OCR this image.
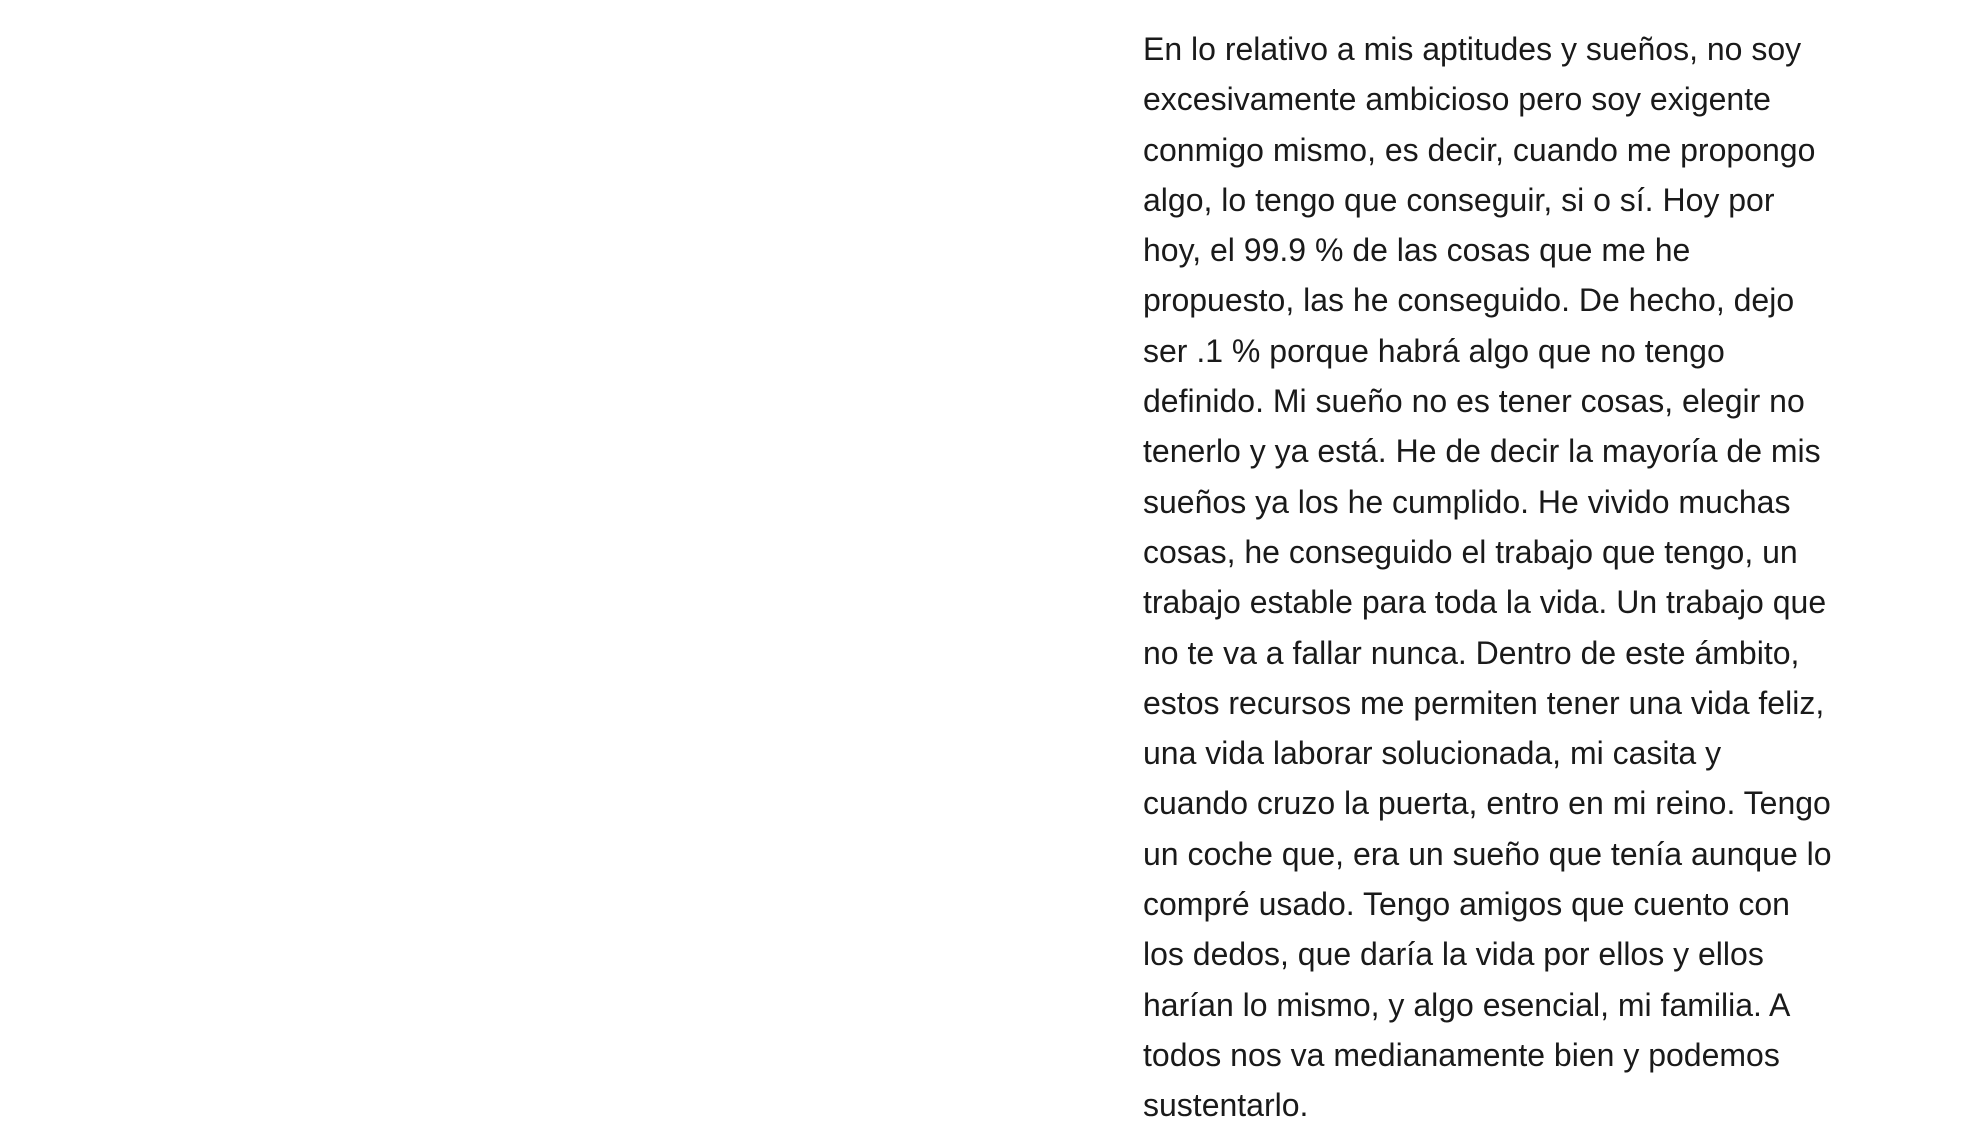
En lo relativo a mis aptitudes y sueños, no soy
excesivamente ambicioso pero soy exigente
conmigo mismo, es decir, cuando me propongo
algo, lo tengo que conseguir, si o sí. Hoy por
hoy, el 99.9 % de las cosas que me he
propuesto, las he conseguido. De hecho, dejo
ser .1 % porque habrá algo que no tengo
definido. Mi sueño no es tener cosas, elegir no
tenerlo y ya está. He de decir la mayoría de mis
sueños ya los he cumplido. He vivido muchas
cosas, he conseguido el trabajo que tengo, un
trabajo estable para toda la vida. Un trabajo que
no te va a fallar nunca. Dentro de este ámbito,
estos recursos me permiten tener una vida feliz,
una vida laborar solucionada, mi casita y
cuando cruzo la puerta, entro en mi reino. Tengo
un coche que, era un sueño que tenía aunque lo
compré usado. Tengo amigos que cuento con
los dedos, que daría la vida por ellos y ellos
harían lo mismo, y algo esencial, mi familia. A
todos nos va medianamente bien y podemos
sustentarlo.
